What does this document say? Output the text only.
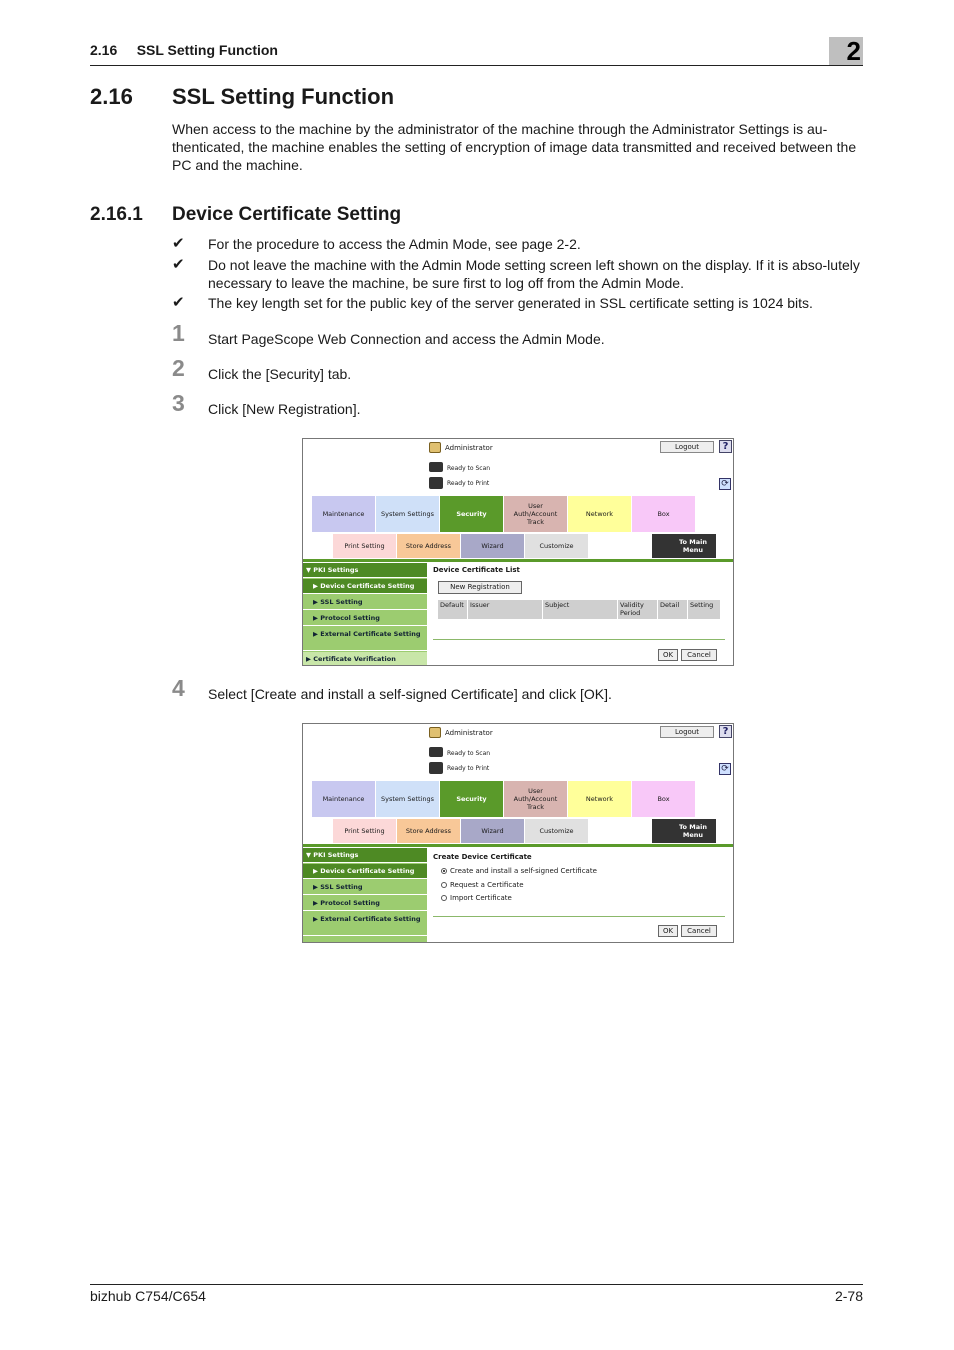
2.16     SSL Setting Function	2
2.16 SSL Setting Function

When access to the machine by the administrator of the machine through the Administrator Settings is au-thenticated, the machine enables the setting of encryption of image data transmitted and received between the PC and the machine.

2.16.1 Device Certificate Setting
✔ For the procedure to access the Admin Mode, see page 2-2.
✔ Do not leave the machine with the Admin Mode setting screen left shown on the display. If it is abso-lutely necessary to leave the machine, be sure first to log off from the Admin Mode.
✔ The key length set for the public key of the server generated in SSL certificate setting is 1024 bits.
1 Start PageScope Web Connection and access the Admin Mode.
2 Click the [Security] tab.
3 Click [New Registration].
Administrator	Logout	?
Ready to Scan
Ready to Print	⟳
Maintenance	System Settings	Security
User Auth/Account Track
Network	Box
Print Setting	Store Address	Wizard	Customize	To Main Menu
▼ PKI Settings
▶ Device Certificate Setting
▶ SSL Setting
▶ Protocol Setting
▶ External Certificate Setting
▶ Certificate Verification
Device Certificate List
New Registration
Default Issuer	Subject	Validity Period
Detail	Setting
OK	Cancel
4 Select [Create and install a self-signed Certificate] and click [OK].
Administrator	Logout	?
Ready to Scan
Ready to Print	⟳
Maintenance	System Settings	Security
User Auth/Account Track
Network	Box
Print Setting	Store Address	Wizard	Customize	To Main Menu
▼ PKI Settings
▶ Device Certificate Setting
▶ SSL Setting
▶ Protocol Setting
▶ External Certificate Setting
Create Device Certificate
Create and install a self-signed Certificate
Request a Certificate
Import Certificate
OK	Cancel
bizhub C754/C654	2-78
